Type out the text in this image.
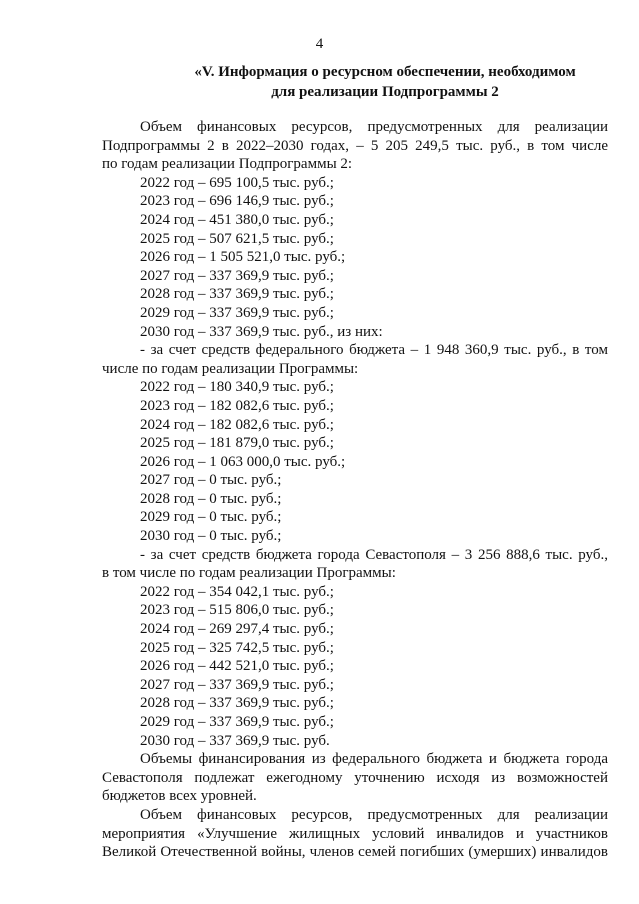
4
«V. Информация о ресурсном обеспечении, необходимом
для реализации Подпрограммы 2
Объем финансовых ресурсов, предусмотренных для реализации
Подпрограммы 2 в 2022–2030 годах, – 5 205 249,5 тыс. руб., в том числе
по годам реализации Подпрограммы 2:
2022 год – 695 100,5 тыс. руб.;
2023 год – 696 146,9 тыс. руб.;
2024 год – 451 380,0 тыс. руб.;
2025 год – 507 621,5 тыс. руб.;
2026 год – 1 505 521,0 тыс. руб.;
2027 год – 337 369,9 тыс. руб.;
2028 год – 337 369,9 тыс. руб.;
2029 год – 337 369,9 тыс. руб.;
2030 год – 337 369,9 тыс. руб., из них:
- за счет средств федерального бюджета – 1 948 360,9 тыс. руб., в том
числе по годам реализации Программы:
2022 год – 180 340,9 тыс. руб.;
2023 год – 182 082,6 тыс. руб.;
2024 год – 182 082,6 тыс. руб.;
2025 год – 181 879,0 тыс. руб.;
2026 год – 1 063 000,0 тыс. руб.;
2027 год – 0 тыс. руб.;
2028 год – 0 тыс. руб.;
2029 год – 0 тыс. руб.;
2030 год – 0 тыс. руб.;
- за счет средств бюджета города Севастополя – 3 256 888,6 тыс. руб.,
в том числе по годам реализации Программы:
2022 год – 354 042,1 тыс. руб.;
2023 год – 515 806,0 тыс. руб.;
2024 год – 269 297,4 тыс. руб.;
2025 год – 325 742,5 тыс. руб.;
2026 год – 442 521,0 тыс. руб.;
2027 год – 337 369,9 тыс. руб.;
2028 год – 337 369,9 тыс. руб.;
2029 год – 337 369,9 тыс. руб.;
2030 год – 337 369,9 тыс. руб.
Объемы финансирования из федерального бюджета и бюджета города
Севастополя подлежат ежегодному уточнению исходя из возможностей
бюджетов всех уровней.
Объем финансовых ресурсов, предусмотренных для реализации
мероприятия «Улучшение жилищных условий инвалидов и участников
Великой Отечественной войны, членов семей погибших (умерших) инвалидов
